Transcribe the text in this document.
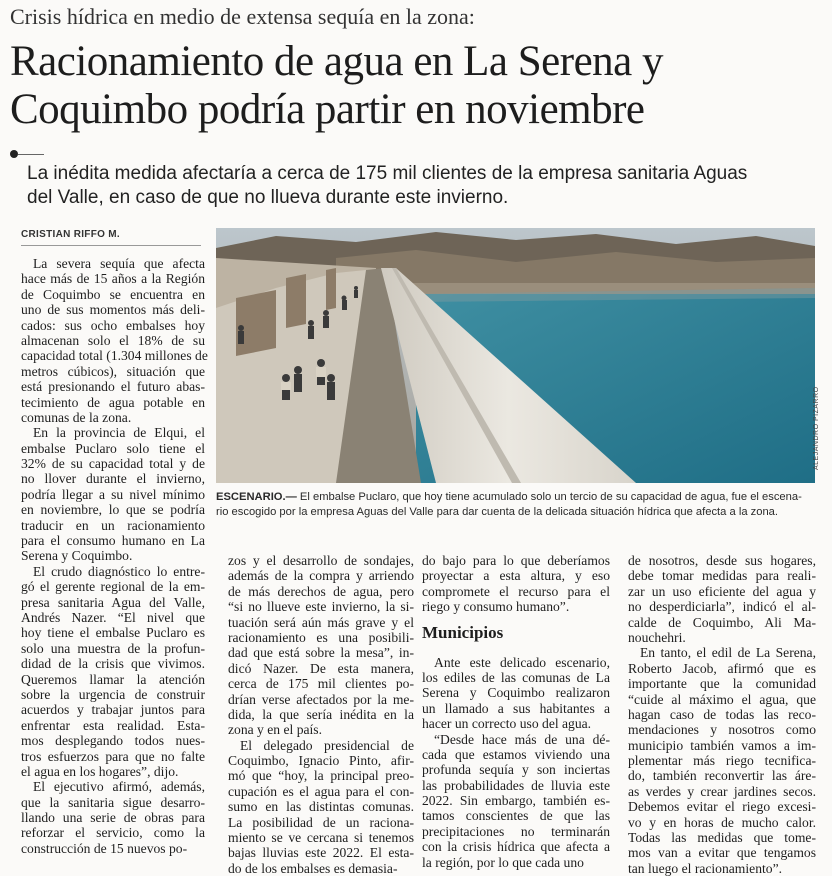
Crisis hídrica en medio de extensa sequía en la zona:
Racionamiento de agua en La Serena y
Coquimbo podría partir en noviembre
La inédita medida afectaría a cerca de 175 mil clientes de la empresa sanitaria Aguas
del Valle, en caso de que no llueva durante este invierno.
CRISTIAN RIFFO M.
ALEJANDRO PIZARRO
ESCENARIO.— El embalse Puclaro, que hoy tiene acumulado solo un tercio de su capacidad de agua, fue el escena-
rio escogido por la empresa Aguas del Valle para dar cuenta de la delicada situación hídrica que afecta a la zona.
La severa sequía que afecta
hace más de 15 años a la Región
de Coquimbo se encuentra en
uno de sus momentos más deli-
cados: sus ocho embalses hoy
almacenan solo el 18% de su
capacidad total (1.304 millones de
metros cúbicos), situación que
está presionando el futuro abas-
tecimiento de agua potable en
comunas de la zona.
En la provincia de Elqui, el
embalse Puclaro solo tiene el
32% de su capacidad total y de
no llover durante el invierno,
podría llegar a su nivel mínimo
en noviembre, lo que se podría
traducir en un racionamiento
para el consumo humano en La
Serena y Coquimbo.
El crudo diagnóstico lo entre-
gó el gerente regional de la em-
presa sanitaria Agua del Valle,
Andrés Nazer. “El nivel que
hoy tiene el embalse Puclaro es
solo una muestra de la profun-
didad de la crisis que vivimos.
Queremos llamar la atención
sobre la urgencia de construir
acuerdos y trabajar juntos para
enfrentar esta realidad. Esta-
mos desplegando todos nues-
tros esfuerzos para que no falte
el agua en los hogares”, dijo.
El ejecutivo afirmó, además,
que la sanitaria sigue desarro-
llando una serie de obras para
reforzar el servicio, como la
construcción de 15 nuevos po-
zos y el desarrollo de sondajes,
además de la compra y arriendo
de más derechos de agua, pero
“si no llueve este invierno, la si-
tuación será aún más grave y el
racionamiento es una posibili-
dad que está sobre la mesa”, in-
dicó Nazer. De esta manera,
cerca de 175 mil clientes po-
drían verse afectados por la me-
dida, la que sería inédita en la
zona y en el país.
El delegado presidencial de
Coquimbo, Ignacio Pinto, afir-
mó que “hoy, la principal preo-
cupación es el agua para el con-
sumo en las distintas comunas.
La posibilidad de un raciona-
miento se ve cercana si tenemos
bajas lluvias este 2022. El esta-
do de los embalses es demasia-
do bajo para lo que deberíamos
proyectar a esta altura, y eso
compromete el recurso para el
riego y consumo humano”.
Municipios
Ante este delicado escenario,
los ediles de las comunas de La
Serena y Coquimbo realizaron
un llamado a sus habitantes a
hacer un correcto uso del agua.
“Desde hace más de una dé-
cada que estamos viviendo una
profunda sequía y son inciertas
las probabilidades de lluvia este
2022. Sin embargo, también es-
tamos conscientes de que las
precipitaciones no terminarán
con la crisis hídrica que afecta a
la región, por lo que cada uno
de nosotros, desde sus hogares,
debe tomar medidas para reali-
zar un uso eficiente del agua y
no desperdiciarla”, indicó el al-
calde de Coquimbo, Ali Ma-
nouchehri.
En tanto, el edil de La Serena,
Roberto Jacob, afirmó que es
importante que la comunidad
“cuide al máximo el agua, que
hagan caso de todas las reco-
mendaciones y nosotros como
municipio también vamos a im-
plementar más riego tecnifica-
do, también reconvertir las áre-
as verdes y crear jardines secos.
Debemos evitar el riego excesi-
vo y en horas de mucho calor.
Todas las medidas que tome-
mos van a evitar que tengamos
tan luego el racionamiento”.
